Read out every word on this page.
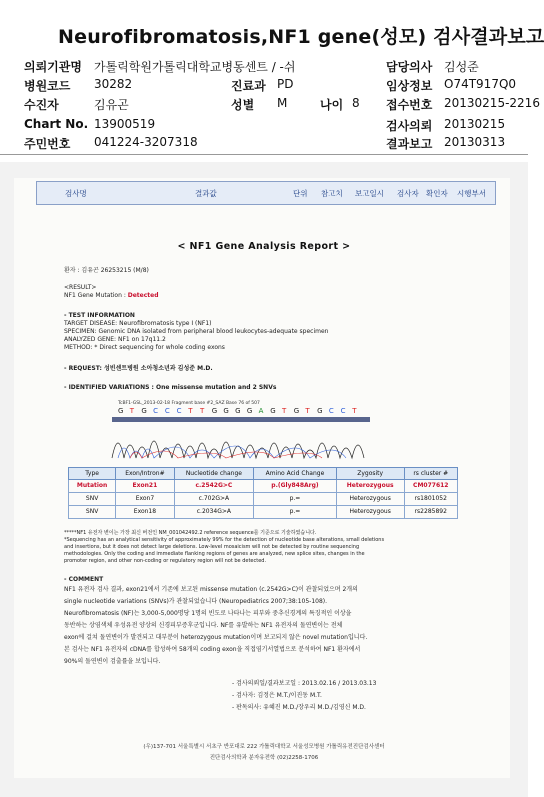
Neurofibromatosis,NF1 gene(성모) 검사결과보고
의뢰기관명 가톨릭학원가톨릭대학교병동센트 / -쉬
병원코드 30282
수진자	김유곤
Chart No. 13900519
주민번호 041224-3207318
진료과 PD
성별 M	나이 8
담당의사 김성준
임상정보 O74T917Q0
접수번호 20130215-2216
검사의뢰 20130215
결과보고 20130313
검사명	결과값	단위 참고치 보고일시 검사자 확인자 시행부서
< NF1 Gene Analysis Report >
환자 : 김유곤 26253215 (M/8)
<RESULT>
NF1 Gene Mutation : Detected
- TEST INFORMATION
TARGET DISEASE: Neurofibromatosis type I (NF1)
SPECIMEN: Genomic DNA isolated from peripheral blood leukocytes-adequate specimen
ANALYZED GENE: NF1 on 17q11.2
METHOD: * Direct sequencing for whole coding exons
- REQUEST: 성빈센트병원 소아청소년과 김성준 M.D.
- IDENTIFIED VARIATIONS : One missense mutation and 2 SNVs
TcBF1-GSL_2013-02-18 Fragment base #2_SAZ Base 76 of 507
G T G C C C T T G G G G A G T G T G C C T
Type	Exon/Intron#	Nucleotide change	Amino Acid Change	Zygosity	rs cluster #
Mutation	Exon21	c.2542G>C	p.(Gly848Arg)	Heterozygous	CM077612
SNV	Exon7	c.702G>A	p.=	Heterozygous	rs1801052
SNV	Exon18	c.2034G>A	p.=	Heterozygous	rs2285892
*****NF1 유전자 변이는 가장 최신 버전인 NM_001042492.2 reference sequence를 기준으로 기술하였습니다.
*Sequencing has an analytical sensitivity of approximately 99% for the detection of nucleotide base alterations, small deletions
and insertions, but it does not detect large deletions. Low-level mosaicism will not be detected by routine sequencing
methodologies. Only the coding and immediate flanking regions of genes are analyzed, new splice sites, changes in the
promoter region, and other non-coding or regulatory region will not be detected.
- COMMENT
NF1 유전자 검사 결과, exon21에서 기존에 보고된 missense mutation (c.2542G>C)이 관찰되었으며 2개의
single nucleotide variations (SNVs)가 관찰되었습니다 (Neuropediatrics 2007;38:105-108).
Neurofibromatosis (NF)는 3,000-5,000명당 1명의 빈도로 나타나는 피부와 중추신경계의 특징적인 이상을
동반하는 상염색체 우성유전 양상의 신경피부증후군입니다. NF를 유발하는 NF1 유전자의 돌연변이는 전체
exon에 걸쳐 돌연변이가 발견되고 대부분이 heterozygous mutation이며 보고되지 않은 novel mutation입니다.
본 검사는 NF1 유전자의 cDNA를 합성하여 58개의 coding exon을 직접염기서열법으로 분석하여 NF1 환자에서
90%의 돌연변이 검출률을 보입니다.
- 검사의뢰일/결과보고일 : 2013.02.16 / 2013.03.13
- 검사자: 김정은 M.T./이진동 M.T.
- 판독의사: 유혜진 M.D./장우리 M.D./김영신 M.D.
(우)137-701 서울특별시 서초구 반포대로 222 가톨릭대학교 서울성모병원 가톨릭유전진단검사센터
진단검사의학과 분자유전학 (02)2258-1706
